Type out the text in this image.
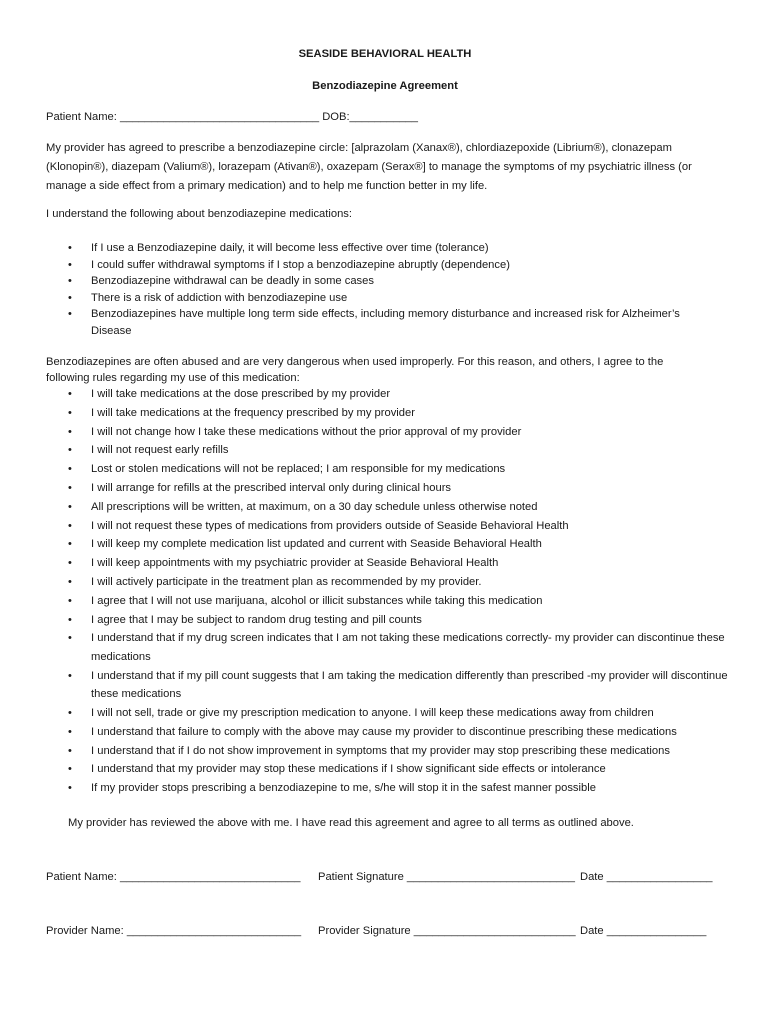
SEASIDE BEHAVIORAL HEALTH
Benzodiazepine Agreement
Patient Name: ________________________________ DOB:___________

My provider has agreed to prescribe a benzodiazepine circle: [alprazolam (Xanax®), chlordiazepoxide (Librium®), clonazepam (Klonopin®), diazepam (Valium®), lorazepam (Ativan®), oxazepam (Serax®] to manage the symptoms of my psychiatric illness (or manage a side effect from a primary medication) and to help me function better in my life.

I understand the following about benzodiazepine medications:

• If I use a Benzodiazepine daily, it will become less effective over time (tolerance)
• I could suffer withdrawal symptoms if I stop a benzodiazepine abruptly (dependence)
• Benzodiazepine withdrawal can be deadly in some cases
• There is a risk of addiction with benzodiazepine use
• Benzodiazepines have multiple long term side effects, including memory disturbance and increased risk for Alzheimer’s Disease

Benzodiazepines are often abused and are very dangerous when used improperly. For this reason, and others, I agree to the following rules regarding my use of this medication:

• I will take medications at the dose prescribed by my provider
• I will take medications at the frequency prescribed by my provider
• I will not change how I take these medications without the prior approval of my provider
• I will not request early refills
• Lost or stolen medications will not be replaced; I am responsible for my medications
• I will arrange for refills at the prescribed interval only during clinical hours
• All prescriptions will be written, at maximum, on a 30 day schedule unless otherwise noted
• I will not request these types of medications from providers outside of Seaside Behavioral Health
• I will keep my complete medication list updated and current with Seaside Behavioral Health
• I will keep appointments with my psychiatric provider at Seaside Behavioral Health
• I will actively participate in the treatment plan as recommended by my provider.
• I agree that I will not use marijuana, alcohol or illicit substances while taking this medication
• I agree that I may be subject to random drug testing and pill counts
• I understand that if my drug screen indicates that I am not taking these medications correctly- my provider can discontinue these medications
• I understand that if my pill count suggests that I am taking the medication differently than prescribed -my provider will discontinue these medications
• I will not sell, trade or give my prescription medication to anyone. I will keep these medications away from children
• I understand that failure to comply with the above may cause my provider to discontinue prescribing these medications
• I understand that if I do not show improvement in symptoms that my provider may stop prescribing these medications
• I understand that my provider may stop these medications if I show significant side effects or intolerance
• If my provider stops prescribing a benzodiazepine to me, s/he will stop it in the safest manner possible

My provider has reviewed the above with me. I have read this agreement and agree to all terms as outlined above.

Patient Name: _____________________________

Patient Signature ___________________________

Date _________________

Provider Name: ____________________________

Provider Signature __________________________

Date ________________
